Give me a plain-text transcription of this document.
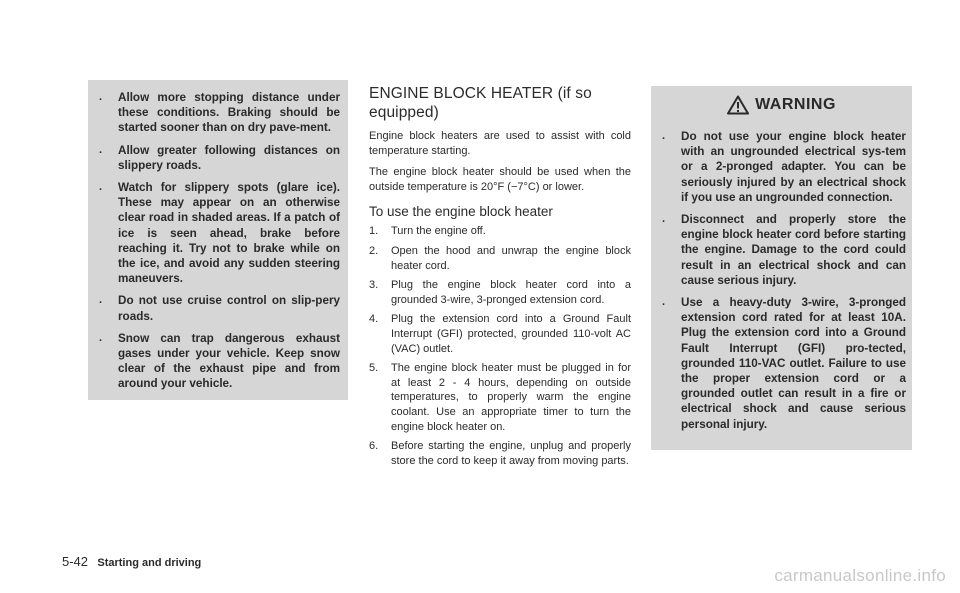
. Allow more stopping distance under these conditions. Braking should be started sooner than on dry pave-ment.
. Allow greater following distances on slippery roads.
. Watch for slippery spots (glare ice). These may appear on an otherwise clear road in shaded areas. If a patch of ice is seen ahead, brake before reaching it. Try not to brake while on the ice, and avoid any sudden steering maneuvers.
. Do not use cruise control on slip-pery roads.
. Snow can trap dangerous exhaust gases under your vehicle. Keep snow clear of the exhaust pipe and from around your vehicle.
ENGINE BLOCK HEATER (if so equipped)

Engine block heaters are used to assist with cold temperature starting.

The engine block heater should be used when the outside temperature is 20°F (−7°C) or lower.

To use the engine block heater
1. Turn the engine off.
2. Open the hood and unwrap the engine block heater cord.
3. Plug the engine block heater cord into a grounded 3-wire, 3-pronged extension cord.
4. Plug the extension cord into a Ground Fault Interrupt (GFI) protected, grounded 110-volt AC (VAC) outlet.
5. The engine block heater must be plugged in for at least 2 - 4 hours, depending on outside temperatures, to properly warm the engine coolant. Use an appropriate timer to turn the engine block heater on.
6. Before starting the engine, unplug and properly store the cord to keep it away from moving parts.
WARNING
. Do not use your engine block heater with an ungrounded electrical sys-tem or a 2-pronged adapter. You can be seriously injured by an electrical shock if you use an ungrounded connection.
. Disconnect and properly store the engine block heater cord before starting the engine. Damage to the cord could result in an electrical shock and can cause serious injury.
. Use a heavy-duty 3-wire, 3-pronged extension cord rated for at least 10A. Plug the extension cord into a Ground Fault Interrupt (GFI) pro-tected, grounded 110-VAC outlet. Failure to use the proper extension cord or a grounded outlet can result in a fire or electrical shock and cause serious personal injury.
5-42 Starting and driving
carmanualsonline.info
